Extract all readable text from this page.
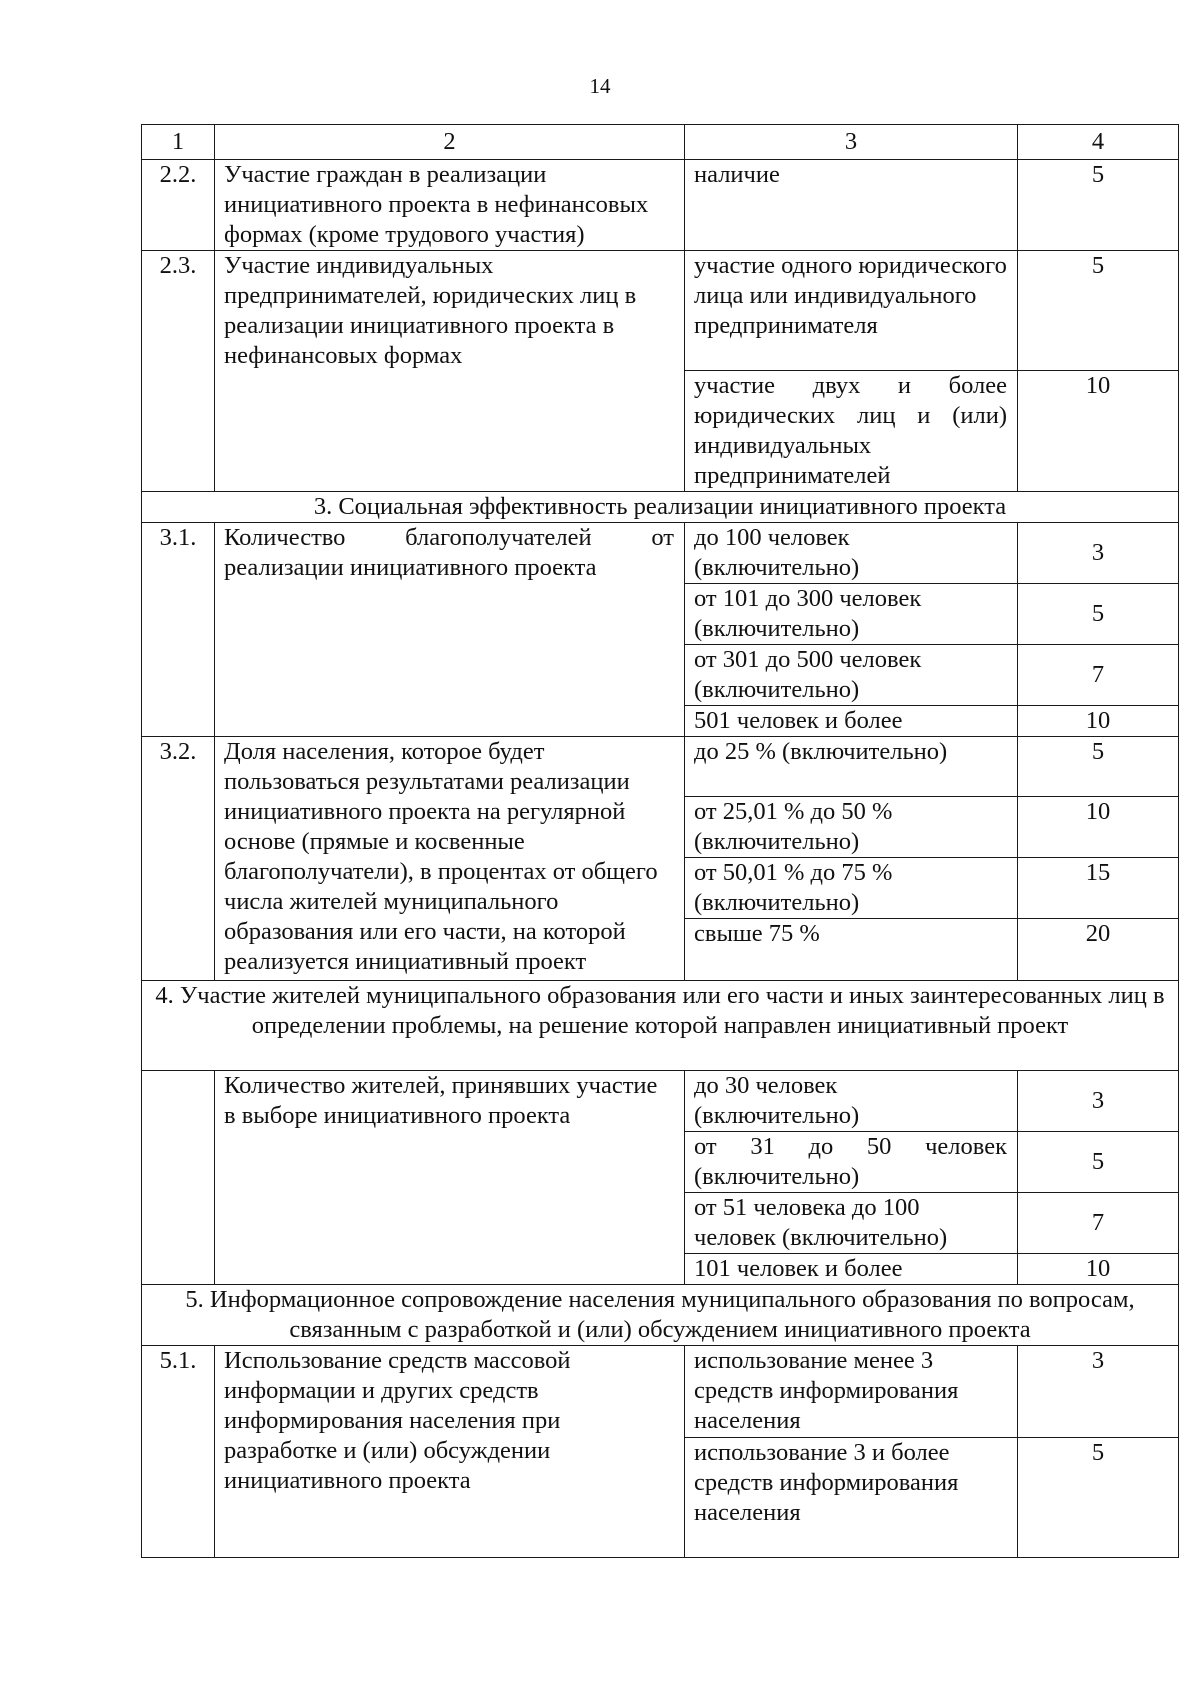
14
1	2	3	4
2.2.	Участие граждан в реализации инициативного проекта в нефинансовых формах (кроме трудового участия)	наличие	5
2.3.	Участие индивидуальных предпринимателей, юридических лиц в реализации инициативного проекта в нефинансовых формах	участие одного юридического лица или индивидуального предпринимателя	5
		участие двух и более юридических лиц и (или) индивидуальных предпринимателей	10
3. Социальная эффективность реализации инициативного проекта			
3.1.	Количество благополучателей от реализации инициативного проекта	до 100 человек (включительно)	3
		от 101 до 300 человек (включительно)	5
		от 301 до 500 человек (включительно)	7
		501 человек и более	10
3.2.	Доля населения, которое будет пользоваться результатами реализации инициативного проекта на регулярной основе (прямые и косвенные благополучатели), в процентах от общего числа жителей муниципального образования или его части, на которой реализуется инициативный проект	до 25 % (включительно)	5
		от 25,01 % до 50 % (включительно)	10
		от 50,01 % до 75 % (включительно)	15
		свыше 75 %	20
4. Участие жителей муниципального образования или его части и иных заинтересованных лиц в определении проблемы, на решение которой направлен инициативный проект			
	Количество жителей, принявших участие в выборе инициативного проекта	до 30 человек (включительно)	3
		от 31 до 50 человек (включительно)	5
		от 51 человека до 100 человек (включительно)	7
		101 человек и более	10
5. Информационное сопровождение населения муниципального образования по вопросам, связанным с разработкой и (или) обсуждением инициативного проекта			
5.1.	Использование средств массовой информации и других средств информирования населения при разработке и (или) обсуждении инициативного проекта	использование менее 3 средств информирования населения	3
		использование 3 и более средств информирования населения	5
